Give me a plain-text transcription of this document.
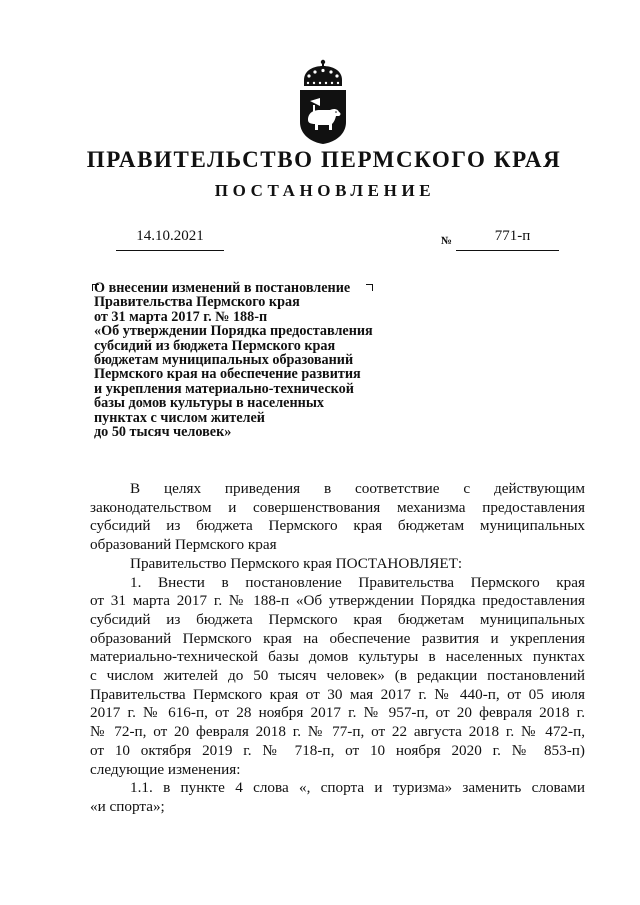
ПРАВИТЕЛЬСТВО ПЕРМСКОГО КРАЯ
ПОСТАНОВЛЕНИЕ
14.10.2021	№	771-п
О внесении изменений в постановление
Правительства Пермского края
от 31 марта 2017 г. № 188-п
«Об утверждении Порядка предоставления
субсидий из бюджета Пермского края
бюджетам муниципальных образований
Пермского края на обеспечение развития
и укрепления материально-технической
базы домов культуры в населенных
пунктах с числом жителей
до 50 тысяч человек»

В целях приведения в соответствие с действующим
законодательством и совершенствования механизма предоставления
субсидий из бюджета Пермского края бюджетам муниципальных
образований Пермского края

Правительство Пермского края ПОСТАНОВЛЯЕТ:

1. Внести в постановление Правительства Пермского края
от 31 марта 2017 г. № 188-п «Об утверждении Порядка предоставления
субсидий из бюджета Пермского края бюджетам муниципальных
образований Пермского края на обеспечение развития и укрепления
материально-технической базы домов культуры в населенных пунктах
с числом жителей до 50 тысяч человек» (в редакции постановлений
Правительства Пермского края от 30 мая 2017 г. № 440-п, от 05 июля
2017 г. № 616-п, от 28 ноября 2017 г. № 957-п, от 20 февраля 2018 г.
№ 72-п, от 20 февраля 2018 г. № 77-п, от 22 августа 2018 г. № 472-п,
от 10 октября 2019 г. № 718-п, от 10 ноября 2020 г. № 853-п)
следующие изменения:

1.1. в пункте 4 слова «, спорта и туризма» заменить словами
«и спорта»;
